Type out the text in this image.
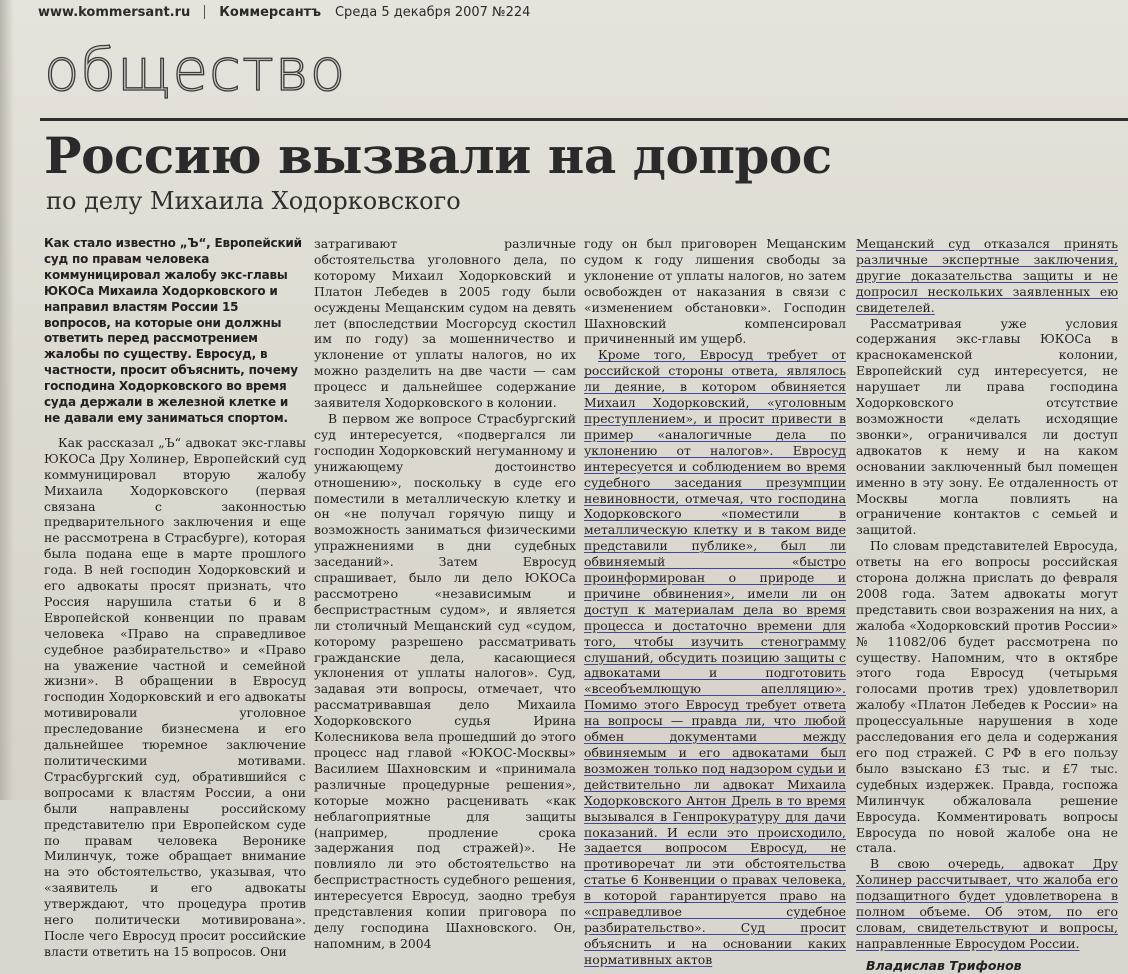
www.kommersant.ru Коммерсантъ Среда 5 декабря 2007 №224
общество
Россию вызвали на допрос
по делу Михаила Ходорковского

Как стало известно „Ъ“, Европейский суд по правам человека коммуницировал жалобу экс-главы ЮКОСа Михаила Ходорковского и направил властям России 15 вопросов, на которые они должны ответить перед рассмотрением жалобы по существу. Евросуд, в частности, просит объяснить, почему господина Ходорковского во время суда держали в железной клетке и не давали ему заниматься спортом.

Как рассказал „Ъ“ адвокат экс-главы ЮКОСа Дру Холинер, Европейский суд коммуницировал вторую жалобу Михаила Ходорковского (первая связана с законностью предварительного заключения и еще не рассмотрена в Страсбурге), которая была подана еще в марте прошлого года. В ней господин Ходорковский и его адвокаты просят признать, что Россия нарушила статьи 6 и 8 Европейской конвенции по правам человека «Право на справедливое судебное разбирательство» и «Право на уважение частной и семейной жизни». В обращении в Евросуд господин Ходорковский и его адвокаты мотивировали уголовное преследование бизнесмена и его дальнейшее тюремное заключение политическими мотивами. Страсбургский суд, обратившийся с вопросами к властям России, а они были направлены российскому представителю при Европейском суде по правам человека Веронике Милинчук, тоже обращает внимание на это обстоятельство, указывая, что «заявитель и его адвокаты утверждают, что процедура против него политически мотивирована». После чего Евросуд просит российские власти ответить на 15 вопросов. Они

затрагивают различные обстоятельства уголовного дела, по которому Михаил Ходорковский и Платон Лебедев в 2005 году были осуждены Мещанским судом на девять лет (впоследствии Мосгорсуд скостил им по году) за мошенничество и уклонение от уплаты налогов, но их можно разделить на две части — сам процесс и дальнейшее содержание заявителя Ходорковского в колонии.

В первом же вопросе Страсбургский суд интересуется, «подвергался ли господин Ходорковский негуманному и унижающему достоинство отношению», поскольку в суде его поместили в металлическую клетку и он «не получал горячую пищу и возможность заниматься физическими упражнениями в дни судебных заседаний». Затем Евросуд спрашивает, было ли дело ЮКОСа рассмотрено «независимым и беспристрастным судом», и является ли столичный Мещанский суд «судом, которому разрешено рассматривать гражданские дела, касающиеся уклонения от уплаты налогов». Суд, задавая эти вопросы, отмечает, что рассматривавшая дело Михаила Ходорковского судья Ирина Колесникова вела прошедший до этого процесс над главой «ЮКОС-Москвы» Василием Шахновским и «принимала различные процедурные решения», которые можно расценивать «как неблагоприятные для защиты (например, продление срока задержания под стражей)». Не повлияло ли это обстоятельство на беспристрастность судебного решения, интересуется Евросуд, заодно требуя представления копии приговора по делу господина Шахновского. Он, напомним, в 2004

году он был приговорен Мещанским судом к году лишения свободы за уклонение от уплаты налогов, но затем освобожден от наказания в связи с «изменением обстановки». Господин Шахновский компенсировал причиненный им ущерб.

Кроме того, Евросуд требует от российской стороны ответа, являлось ли деяние, в котором обвиняется Михаил Ходорковский, «уголовным преступлением», и просит привести в пример «аналогичные дела по уклонению от налогов». Евросуд интересуется и соблюдением во время судебного заседания презумпции невиновности, отмечая, что господина Ходорковского «поместили в металлическую клетку и в таком виде представили публике», был ли обвиняемый «быстро проинформирован о природе и причине обвинения», имели ли он доступ к материалам дела во время процесса и достаточно времени для того, чтобы изучить стенограмму слушаний, обсудить позицию защиты с адвокатами и подготовить «всеобъемлющую апелляцию». Помимо этого Евросуд требует ответа на вопросы — правда ли, что любой обмен документами между обвиняемым и его адвокатами был возможен только под надзором судьи и действительно ли адвокат Михаила Ходорковского Антон Дрель в то время вызывался в Генпрокуратуру для дачи показаний. И если это происходило, задается вопросом Евросуд, не противоречат ли эти обстоятельства статье 6 Конвенции о правах человека, в которой гарантируется право на «справедливое судебное разбирательство». Суд просит объяснить и на основании каких нормативных актов

Мещанский суд отказался принять различные экспертные заключения, другие доказательства защиты и не допросил нескольких заявленных ею свидетелей.

Рассматривая уже условия содержания экс-главы ЮКОСа в краснокаменской колонии, Европейский суд интересуется, не нарушает ли права господина Ходорковского отсутствие возможности «делать исходящие звонки», ограничивался ли доступ адвокатов к нему и на каком основании заключенный был помещен именно в эту зону. Ее отдаленность от Москвы могла повлиять на ограничение контактов с семьей и защитой.

По словам представителей Евросуда, ответы на его вопросы российская сторона должна прислать до февраля 2008 года. Затем адвокаты могут представить свои возражения на них, а жалоба «Ходорковский против России» № 11082/06 будет рассмотрена по существу. Напомним, что в октябре этого года Евросуд (четырьмя голосами против трех) удовлетворил жалобу «Платон Лебедев к России» на процессуальные нарушения в ходе расследования его дела и содержания его под стражей. С РФ в его пользу было взыскано £3 тыс. и £7 тыс. судебных издержек. Правда, госпожа Милинчук обжаловала решение Евросуда. Комментировать вопросы Евросуда по новой жалобе она не стала.

В свою очередь, адвокат Дру Холинер рассчитывает, что жалоба его подзащитного будет удовлетворена в полном объеме. Об этом, по его словам, свидетельствуют и вопросы, направленные Евросудом России.

Владислав Трифонов
